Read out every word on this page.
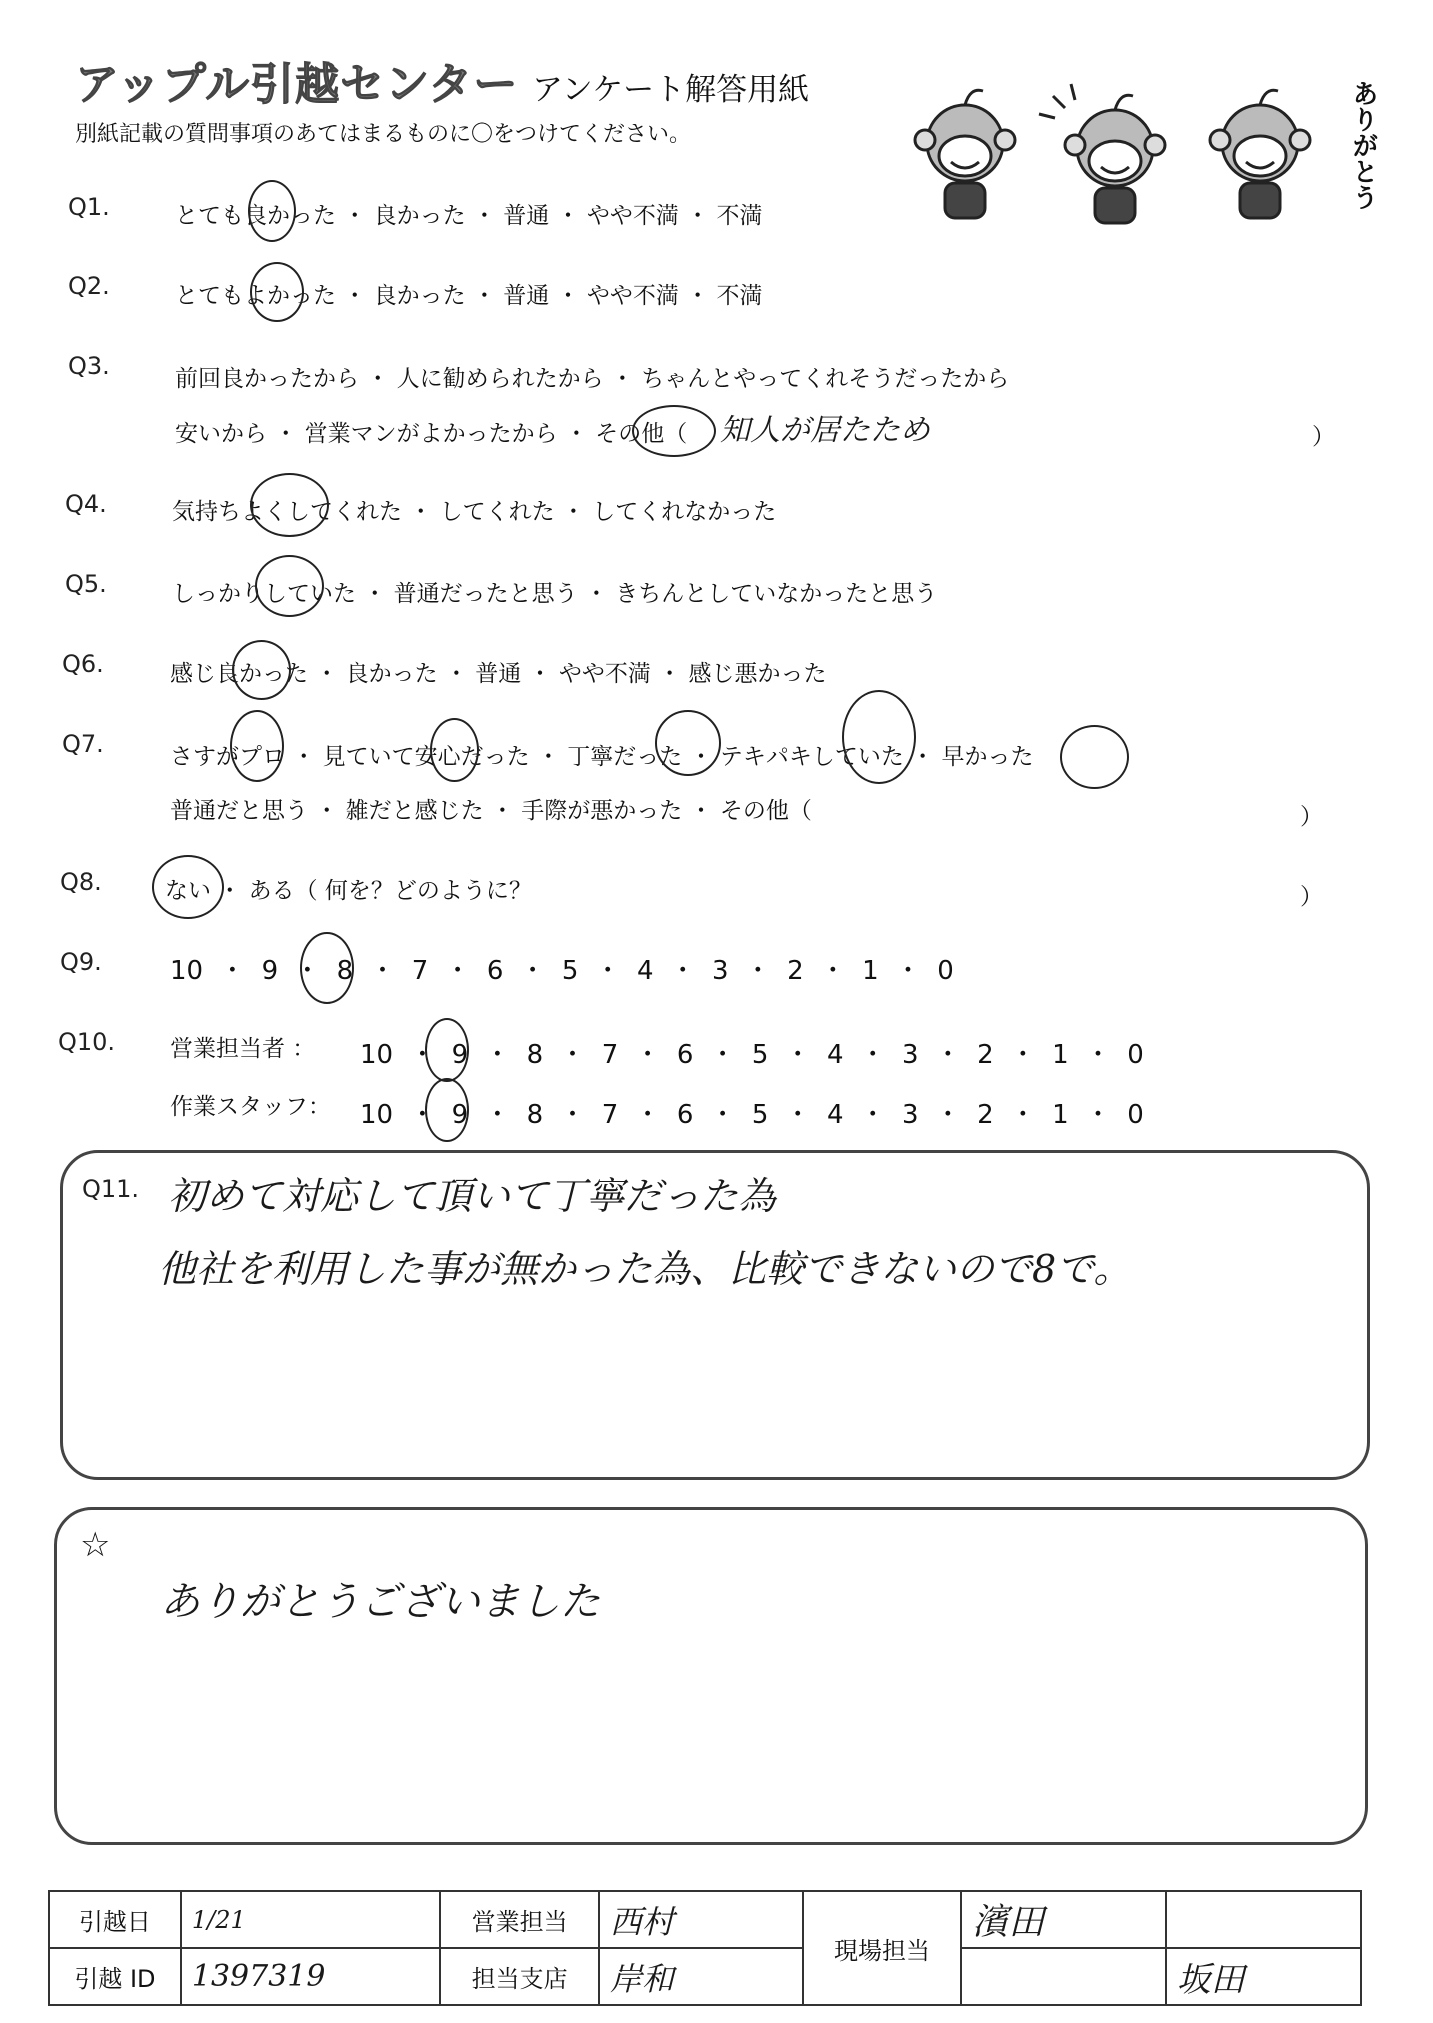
アップル引越センター アンケート解答用紙
別紙記載の質問事項のあてはまるものに〇をつけてください。	ありがとう
Q1.	とても良かった ・ 良かった ・ 普通 ・ やや不満 ・ 不満
Q2.	とてもよかった ・ 良かった ・ 普通 ・ やや不満 ・ 不満
Q3.	前回良かったから ・ 人に勧められたから ・ ちゃんとやってくれそうだったから
安いから ・ 営業マンがよかったから ・ その他（ 知人が居たため	）
Q4.	気持ちよくしてくれた ・ してくれた ・ してくれなかった
Q5.	しっかりしていた ・ 普通だったと思う ・ きちんとしていなかったと思う
Q6.	感じ良かった ・ 良かった ・ 普通 ・ やや不満 ・ 感じ悪かった
Q7.	さすがプロ ・ 見ていて安心だった ・ 丁寧だった ・ テキパキしていた ・ 早かった
普通だと思う ・ 雑だと感じた ・ 手際が悪かった ・ その他（	）
Q8.	ない ・ ある（ 何を？どのように？	）
Q9.	10 ・ 9 ・ 8 ・ 7 ・ 6 ・ 5 ・ 4 ・ 3 ・ 2 ・ 1 ・ 0
Q10. 営業担当者 ： 10 ・ 9 ・ 8 ・ 7 ・ 6 ・ 5 ・ 4 ・ 3 ・ 2 ・ 1 ・ 0
作業スタッフ： 10 ・ 9 ・ 8 ・ 7 ・ 6 ・ 5 ・ 4 ・ 3 ・ 2 ・ 1 ・ 0
Q11. 初めて対応して頂いて丁寧だった為
他社を利用した事が無かった為、比較できないので8で。
☆
ありがとうございました
引越日	1/21	営業担当	西村	現場担当	濱田	
引越 ID	1397319	担当支店	岸和			坂田
